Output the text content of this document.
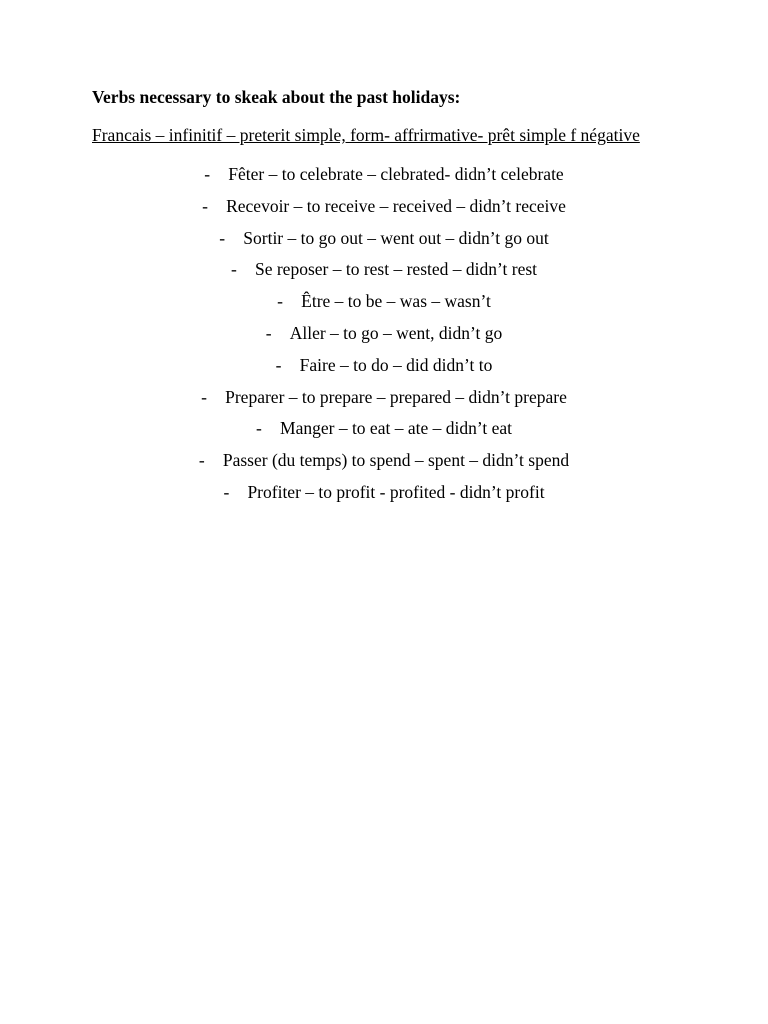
Verbs necessary to skeak about the past holidays:

Francais – infinitif – preterit simple, form- affrirmative- prêt simple f négative

- Fêter – to celebrate – clebrated- didn’t celebrate
- Recevoir – to receive – received – didn’t receive
- Sortir – to go out – went out – didn’t go out
- Se reposer – to rest – rested – didn’t rest
- Être – to be – was – wasn’t
- Aller – to go – went, didn’t go
- Faire – to do – did didn’t to
- Preparer – to prepare – prepared – didn’t prepare
- Manger – to eat – ate – didn’t eat
- Passer (du temps) to spend – spent – didn’t spend
- Profiter – to profit - profited - didn’t profit
